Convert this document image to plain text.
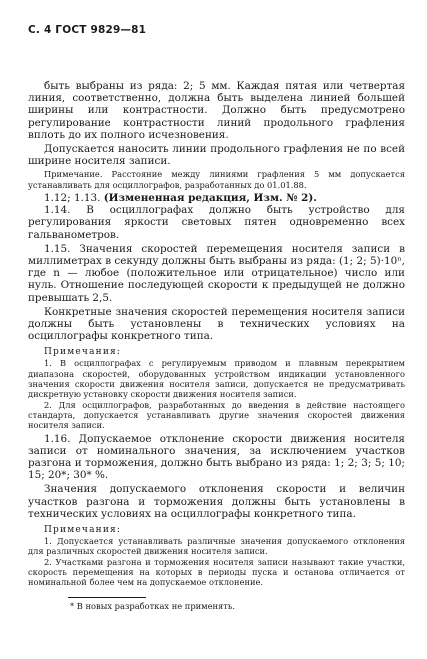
С. 4 ГОСТ 9829—81

быть выбраны из ряда: 2; 5 мм. Каждая пятая или четвертая линия, соответственно, должна быть выделена линией большей ширины или контрастности. Должно быть предусмотрено регулирование контрастности линий продольного графления вплоть до их полного исчезновения.

Допускается наносить линии продольного графления не по всей ширине носителя записи.

Примечание. Расстояние между линиями графления 5 мм допускается устанавливать для осциллографов, разработанных до 01.01.88.

1.12; 1.13. (Измененная редакция, Изм. № 2).

1.14. В осциллографах должно быть устройство для регулирования яркости световых пятен одновременно всех гальванометров.

1.15. Значения скоростей перемещения носителя записи в миллиметрах в секунду должны быть выбраны из ряда: (1; 2; 5)·10ⁿ, где n — любое (положительное или отрицательное) число или нуль. Отношение последующей скорости к предыдущей не должно превышать 2,5.

Конкретные значения скоростей перемещения носителя записи должны быть установлены в технических условиях на осциллографы конкретного типа.

Примечания:

1. В осциллографах с регулируемым приводом и плавным перекрытием диапазона скоростей, оборудованных устройством индикации установленного значения скорости движения носителя записи, допускается не предусматривать дискретную установку скорости движения носителя записи.

2. Для осциллографов, разработанных до введения в действие настоящего стандарта, допускается устанавливать другие значения скоростей движения носителя записи.

1.16. Допускаемое отклонение скорости движения носителя записи от номинального значения, за исключением участков разгона и торможения, должно быть выбрано из ряда: 1; 2; 3; 5; 10; 15; 20*; 30* %.

Значения допускаемого отклонения скорости и величин участков разгона и торможения должны быть установлены в технических условиях на осциллографы конкретного типа.

Примечания:

1. Допускается устанавливать различные значения допускаемого отклонения для различных скоростей движения носителя записи.

2. Участками разгона и торможения носителя записи называют такие участки, скорость перемещения на которых в периоды пуска и останова отличается от номинальной более чем на допускаемое отклонение.

* В новых разработках не применять.
